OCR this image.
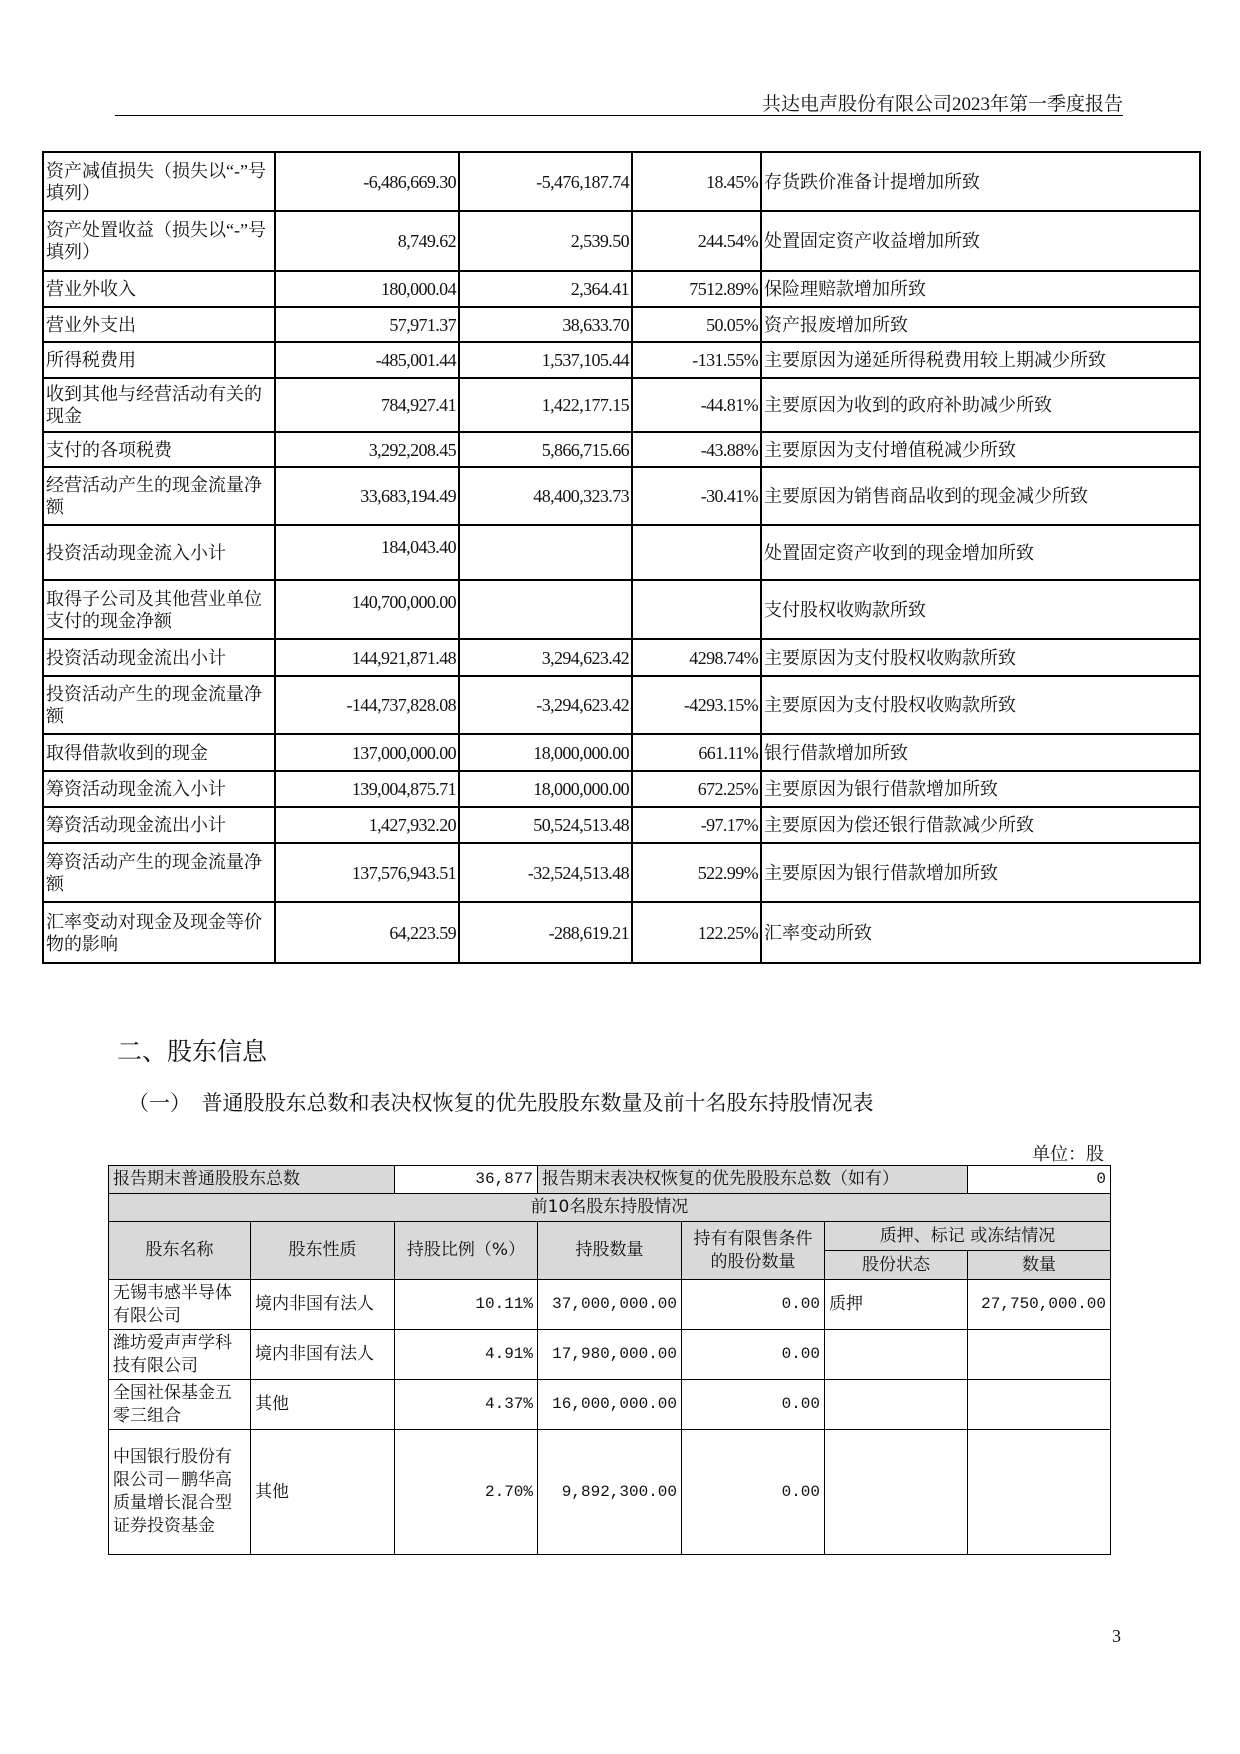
共达电声股份有限公司2023年第一季度报告
资产减值损失（损失以“-”号填列）	-6,486,669.30	-5,476,187.74	18.45%	存货跌价准备计提增加所致
资产处置收益（损失以“-”号填列）	8,749.62	2,539.50	244.54%	处置固定资产收益增加所致
营业外收入	180,000.04	2,364.41	7512.89%	保险理赔款增加所致
营业外支出	57,971.37	38,633.70	50.05%	资产报废增加所致
所得税费用	-485,001.44	1,537,105.44	-131.55%	主要原因为递延所得税费用较上期减少所致
收到其他与经营活动有关的现金	784,927.41	1,422,177.15	-44.81%	主要原因为收到的政府补助减少所致
支付的各项税费	3,292,208.45	5,866,715.66	-43.88%	主要原因为支付增值税减少所致
经营活动产生的现金流量净额	33,683,194.49	48,400,323.73	-30.41%	主要原因为销售商品收到的现金减少所致
投资活动现金流入小计	184,043.40			处置固定资产收到的现金增加所致
取得子公司及其他营业单位支付的现金净额	140,700,000.00			支付股权收购款所致
投资活动现金流出小计	144,921,871.48	3,294,623.42	4298.74%	主要原因为支付股权收购款所致
投资活动产生的现金流量净额	-144,737,828.08	-3,294,623.42	-4293.15%	主要原因为支付股权收购款所致
取得借款收到的现金	137,000,000.00	18,000,000.00	661.11%	银行借款增加所致
筹资活动现金流入小计	139,004,875.71	18,000,000.00	672.25%	主要原因为银行借款增加所致
筹资活动现金流出小计	1,427,932.20	50,524,513.48	-97.17%	主要原因为偿还银行借款减少所致
筹资活动产生的现金流量净额	137,576,943.51	-32,524,513.48	522.99%	主要原因为银行借款增加所致
汇率变动对现金及现金等价物的影响	64,223.59	-288,619.21	122.25%	汇率变动所致
二、股东信息
（一）　普通股股东总数和表决权恢复的优先股股东数量及前十名股东持股情况表
单位：股
报告期末普通股股东总数		36,877	报告期末表决权恢复的优先股股东总数（如有）			0
前10名股东持股情况						
股东名称	股东性质	持股比例（%）	持股数量	持有有限售条件的股份数量	质押、标记 或冻结情况	
					股份状态	数量
无锡韦感半导体有限公司	境内非国有法人	10.11%	37,000,000.00	0.00	质押	27,750,000.00
潍坊爱声声学科技有限公司	境内非国有法人	4.91%	17,980,000.00	0.00		
全国社保基金五零三组合	其他	4.37%	16,000,000.00	0.00		
中国银行股份有限公司－鹏华高质量增长混合型证券投资基金	其他	2.70%	9,892,300.00	0.00		
3
